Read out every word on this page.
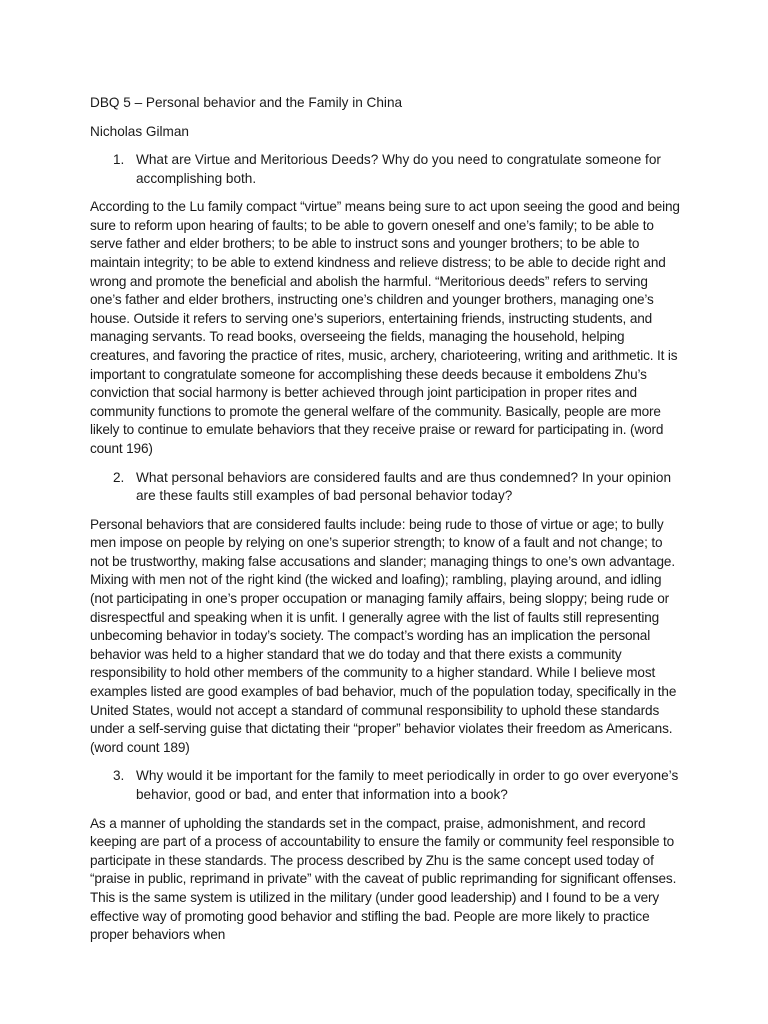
DBQ 5 – Personal behavior and the Family in China

Nicholas Gilman

1. What are Virtue and Meritorious Deeds? Why do you need to congratulate someone for accomplishing both.

According to the Lu family compact “virtue” means being sure to act upon seeing the good and being sure to reform upon hearing of faults; to be able to govern oneself and one’s family; to be able to serve father and elder brothers; to be able to instruct sons and younger brothers; to be able to maintain integrity; to be able to extend kindness and relieve distress; to be able to decide right and wrong and promote the beneficial and abolish the harmful. “Meritorious deeds” refers to serving one’s father and elder brothers, instructing one’s children and younger brothers, managing one’s house. Outside it refers to serving one’s superiors, entertaining friends, instructing students, and managing servants. To read books, overseeing the fields, managing the household, helping creatures, and favoring the practice of rites, music, archery, charioteering, writing and arithmetic. It is important to congratulate someone for accomplishing these deeds because it emboldens Zhu’s conviction that social harmony is better achieved through joint participation in proper rites and community functions to promote the general welfare of the community. Basically, people are more likely to continue to emulate behaviors that they receive praise or reward for participating in. (word count 196)

2. What personal behaviors are considered faults and are thus condemned? In your opinion are these faults still examples of bad personal behavior today?

Personal behaviors that are considered faults include: being rude to those of virtue or age; to bully men impose on people by relying on one’s superior strength; to know of a fault and not change; to not be trustworthy, making false accusations and slander; managing things to one’s own advantage. Mixing with men not of the right kind (the wicked and loafing); rambling, playing around, and idling (not participating in one’s proper occupation or managing family affairs, being sloppy; being rude or disrespectful and speaking when it is unfit. I generally agree with the list of faults still representing unbecoming behavior in today’s society. The compact’s wording has an implication the personal behavior was held to a higher standard that we do today and that there exists a community responsibility to hold other members of the community to a higher standard. While I believe most examples listed are good examples of bad behavior, much of the population today, specifically in the United States, would not accept a standard of communal responsibility to uphold these standards under a self-serving guise that dictating their “proper” behavior violates their freedom as Americans. (word count 189)

3. Why would it be important for the family to meet periodically in order to go over everyone’s behavior, good or bad, and enter that information into a book?

As a manner of upholding the standards set in the compact, praise, admonishment, and record keeping are part of a process of accountability to ensure the family or community feel responsible to participate in these standards. The process described by Zhu is the same concept used today of “praise in public, reprimand in private” with the caveat of public reprimanding for significant offenses. This is the same system is utilized in the military (under good leadership) and I found to be a very effective way of promoting good behavior and stifling the bad. People are more likely to practice proper behaviors when
